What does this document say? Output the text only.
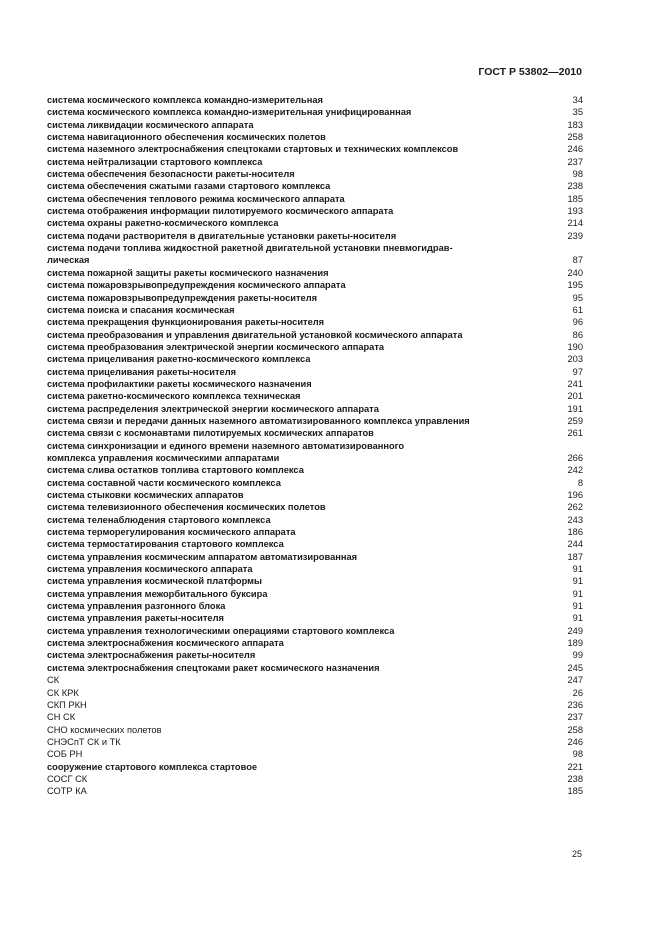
ГОСТ Р 53802—2010
система космического комплекса командно-измерительная	34
система космического комплекса командно-измерительная унифицированная	35
система ликвидации космического аппарата	183
система навигационного обеспечения космических полетов	258
система наземного электроснабжения спецтоками стартовых и технических комплексов	246
система нейтрализации стартового комплекса	237
система обеспечения безопасности ракеты-носителя	98
система обеспечения сжатыми газами стартового комплекса	238
система обеспечения теплового режима космического аппарата	185
система отображения информации пилотируемого космического аппарата	193
система охраны ракетно-космического комплекса	214
система подачи растворителя в двигательные установки ракеты-носителя	239
система подачи топлива жидкостной ракетной двигательной установки пневмогидрав-
лическая	87
система пожарной защиты ракеты космического назначения	240
система пожаровзрывопредупреждения космического аппарата	195
система пожаровзрывопредупреждения ракеты-носителя	95
система поиска и спасания космическая	61
система прекращения функционирования ракеты-носителя	96
система преобразования и управления двигательной установкой космического аппарата	86
система преобразования электрической энергии космического аппарата	190
система прицеливания ракетно-космического комплекса	203
система прицеливания ракеты-носителя	97
система профилактики ракеты космического назначения	241
система ракетно-космического комплекса техническая	201
система распределения электрической энергии космического аппарата	191
система связи и передачи данных наземного автоматизированного комплекса управления	259
система связи с космонавтами пилотируемых космических аппаратов	261
система синхронизации и единого времени наземного автоматизированного
комплекса управления космическими аппаратами	266
система слива остатков топлива стартового комплекса	242
система составной части космического комплекса	8
система стыковки космических аппаратов	196
система телевизионного обеспечения космических полетов	262
система теленаблюдения стартового комплекса	243
система терморегулирования космического аппарата	186
система термостатирования стартового комплекса	244
система управления космическим аппаратом автоматизированная	187
система управления космического аппарата	91
система управления космической платформы	91
система управления межорбитального буксира	91
система управления разгонного блока	91
система управления ракеты-носителя	91
система управления технологическими операциями стартового комплекса	249
система электроснабжения космического аппарата	189
система электроснабжения ракеты-носителя	99
система электроснабжения спецтоками ракет космического назначения	245
СК	247
СК КРК	26
СКП РКН	236
СН СК	237
СНО космических полетов	258
СНЭСпТ СК и ТК	246
СОБ РН	98
сооружение стартового комплекса стартовое	221
СОСГ СК	238
СОТР КА	185
25
